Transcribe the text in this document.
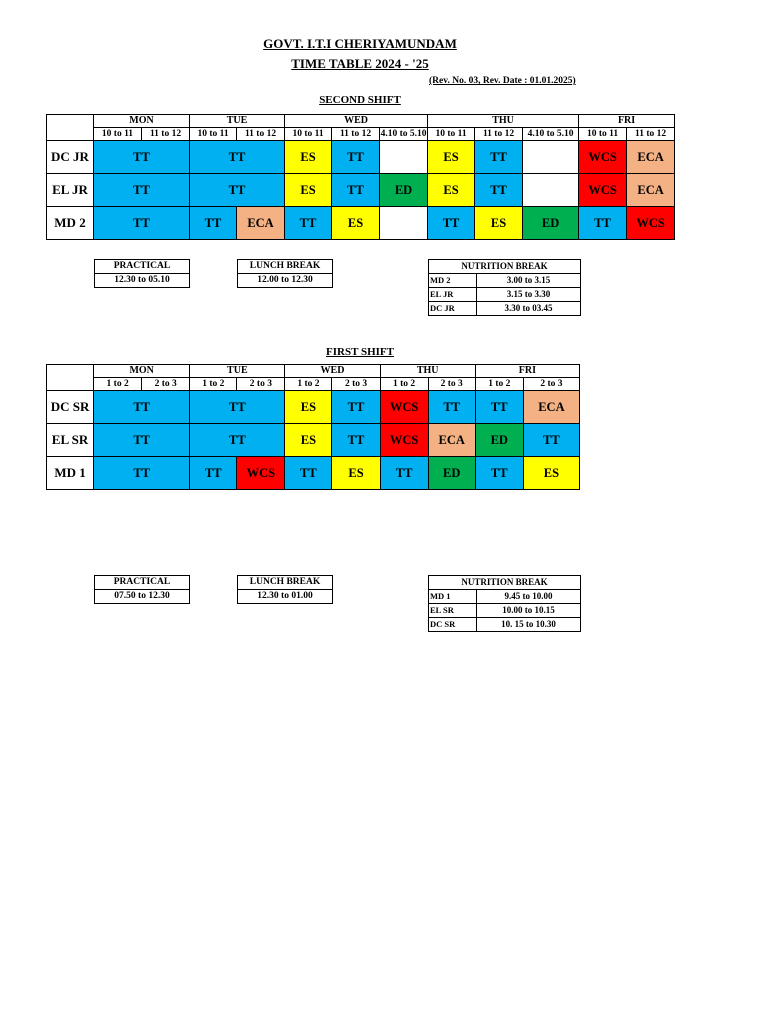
GOVT. I.T.I CHERIYAMUNDAM
TIME TABLE 2024 - '25
(Rev. No. 03, Rev. Date : 01.01.2025)
SECOND SHIFT
	MON		TUE		WED			THU			FRI	
	10 to 11	11 to 12	10 to 11	11 to 12	10 to 11	11 to 12	4.10 to 5.10	10 to 11	11 to 12	4.10 to 5.10	10 to 11	11 to 12
DC JR	TT		TT		ES	TT		ES	TT		WCS	ECA
EL JR	TT		TT		ES	TT	ED	ES	TT		WCS	ECA
MD 2	TT		TT	ECA	TT	ES		TT	ES	ED	TT	WCS
PRACTICAL
12.30 to 05.10
LUNCH BREAK
12.00 to 12.30
NUTRITION BREAK	
MD 2	3.00 to 3.15
EL JR	3.15 to 3.30
DC JR	3.30 to 03.45
FIRST SHIFT
	MON		TUE		WED		THU		FRI	
	1 to 2	2 to 3	1 to 2	2 to 3	1 to 2	2 to 3	1 to 2	2 to 3	1 to 2	2 to 3
DC SR	TT		TT		ES	TT	WCS	TT	TT	ECA
EL SR	TT		TT		ES	TT	WCS	ECA	ED	TT
MD 1	TT		TT	WCS	TT	ES	TT	ED	TT	ES
PRACTICAL
07.50 to 12.30
LUNCH BREAK
12.30 to 01.00
NUTRITION BREAK	
MD 1	9.45 to 10.00
EL SR	10.00 to 10.15
DC SR	10. 15 to 10.30
